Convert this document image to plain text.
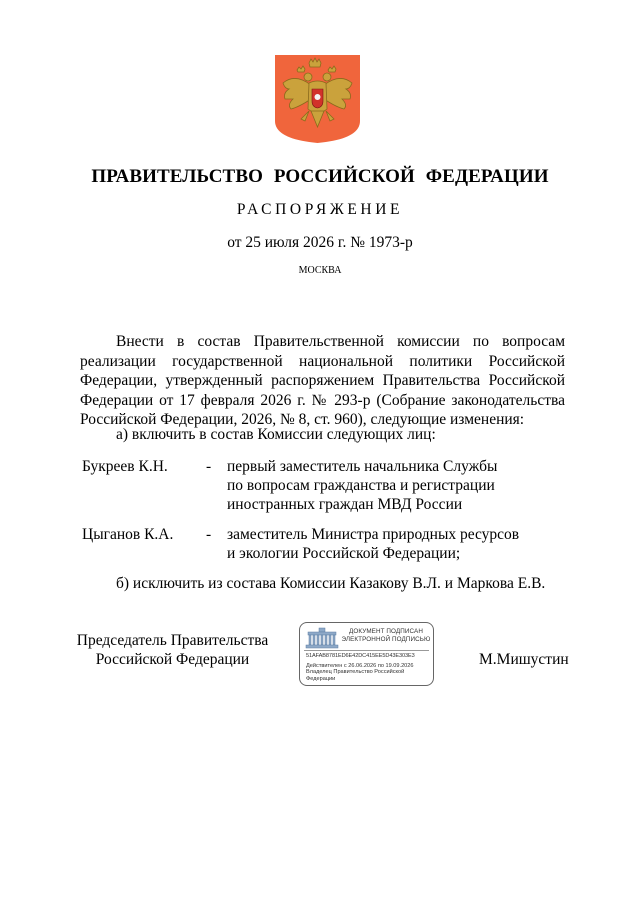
ПРАВИТЕЛЬСТВО РОССИЙСКОЙ ФЕДЕРАЦИИ
РАСПОРЯЖЕНИЕ
от 25 июля 2026 г. № 1973-р
МОСКВА
Внести в состав Правительственной комиссии по вопросам реализации государственной национальной политики Российской Федерации, утвержденный распоряжением Правительства Российской Федерации от 17 февраля 2026 г. № 293-р (Собрание законодательства Российской Федерации, 2026, № 8, ст. 960), следующие изменения:
а) включить в состав Комиссии следующих лиц:
Букреев К.Н.	- первый заместитель начальника Службы
по вопросам гражданства и регистрации
иностранных граждан МВД России
Цыганов К.А.	- заместитель Министра природных ресурсов
и экологии Российской Федерации;
б) исключить из состава Комиссии Казакову В.Л. и Маркова Е.В.
Председатель Правительства
Российской Федерации
ДОКУМЕНТ ПОДПИСАН
ЭЛЕКТРОННОЙ ПОДПИСЬЮ
51AFAB8781ED6E42DC415EE5D43E303E3
Действителен с 26.06.2026 по 19.09.2026
Владелец Правительство Российской Федерации
М.Мишустин
